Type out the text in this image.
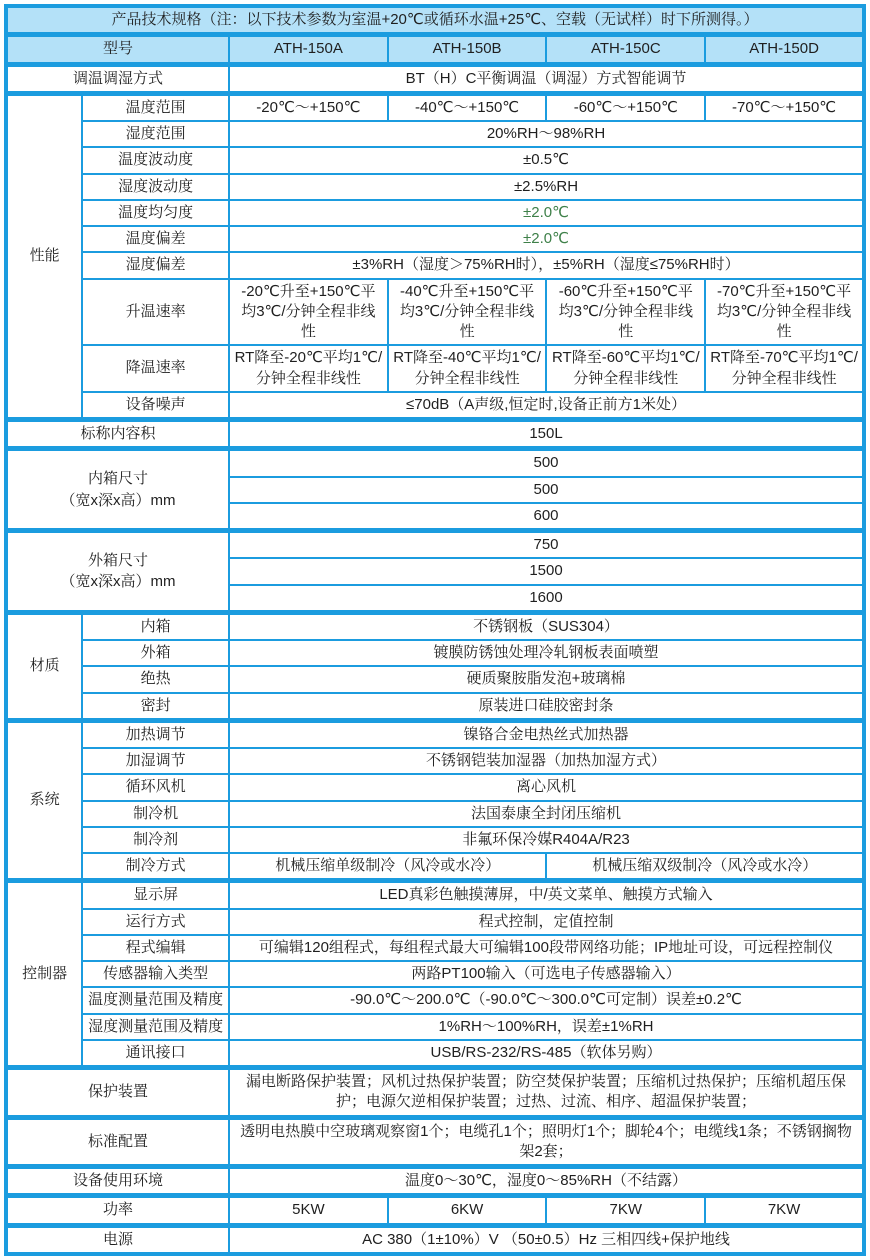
产品技术规格（注：以下技术参数为室温+20℃或循环水温+25℃、空载（无试样）时下所测得。）					
型号		ATH-150A	ATH-150B	ATH-150C	ATH-150D
调温调湿方式		BT（H）C平衡调温（调湿）方式智能调节			
性能	温度范围	-20℃～+150℃	-40℃～+150℃	-60℃～+150℃	-70℃～+150℃
	湿度范围	20%RH～98%RH			
	温度波动度	±0.5℃			
	湿度波动度	±2.5%RH			
	温度均匀度	±2.0℃			
	温度偏差	±2.0℃			
	湿度偏差	±3%RH（湿度＞75%RH时），±5%RH（湿度≤75%RH时）			
	升温速率	-20℃升至+150℃平均3℃/分钟全程非线性	-40℃升至+150℃平均3℃/分钟全程非线性	-60℃升至+150℃平均3℃/分钟全程非线性	-70℃升至+150℃平均3℃/分钟全程非线性
	降温速率	RT降至-20℃平均1℃/分钟全程非线性	RT降至-40℃平均1℃/分钟全程非线性	RT降至-60℃平均1℃/分钟全程非线性	RT降至-70℃平均1℃/分钟全程非线性
	设备噪声	≤70dB（A声级,恒定时,设备正前方1米处）			
标称内容积		150L			

内箱尺寸
（宽x深x高）mm		500			
		500			
		600			

外箱尺寸
（宽x深x高）mm		750			
		1500			
		1600			
材质	内箱	不锈钢板（SUS304）			
	外箱	镀膜防锈蚀处理冷轧钢板表面喷塑			
	绝热	硬质聚胺脂发泡+玻璃棉			
	密封	原装进口硅胶密封条			
系统	加热调节	镍铬合金电热丝式加热器			
	加湿调节	不锈钢铠装加湿器（加热加湿方式）			
	循环风机	离心风机			
	制冷机	法国泰康全封闭压缩机			
	制冷剂	非氟环保冷媒R404A/R23			
	制冷方式	机械压缩单级制冷（风冷或水冷）		机械压缩双级制冷（风冷或水冷）	
控制器	显示屏	LED真彩色触摸薄屏，中/英文菜单、触摸方式输入			
	运行方式	程式控制，定值控制			
	程式编辑	可编辑120组程式，每组程式最大可编辑100段带网络功能；IP地址可设，可远程控制仪			
	传感器输入类型	两路PT100输入（可选电子传感器输入）			
	温度测量范围及精度	-90.0℃～200.0℃（-90.0℃～300.0℃可定制）误差±0.2℃			
	湿度测量范围及精度	1%RH～100%RH，误差±1%RH			
	通讯接口	USB/RS-232/RS-485（软体另购）			
保护装置		漏电断路保护装置；风机过热保护装置；防空焚保护装置；压缩机过热保护；压缩机超压保护；电源欠逆相保护装置；过热、过流、相序、超温保护装置；			
标准配置		透明电热膜中空玻璃观察窗1个；电缆孔1个；照明灯1个；脚轮4个；电缆线1条；不锈钢搁物架2套；			
设备使用环境		温度0～30℃，湿度0～85%RH（不结露）			
功率		5KW	6KW	7KW	7KW
电源		AC 380（1±10%）V （50±0.5）Hz 三相四线+保护地线			
